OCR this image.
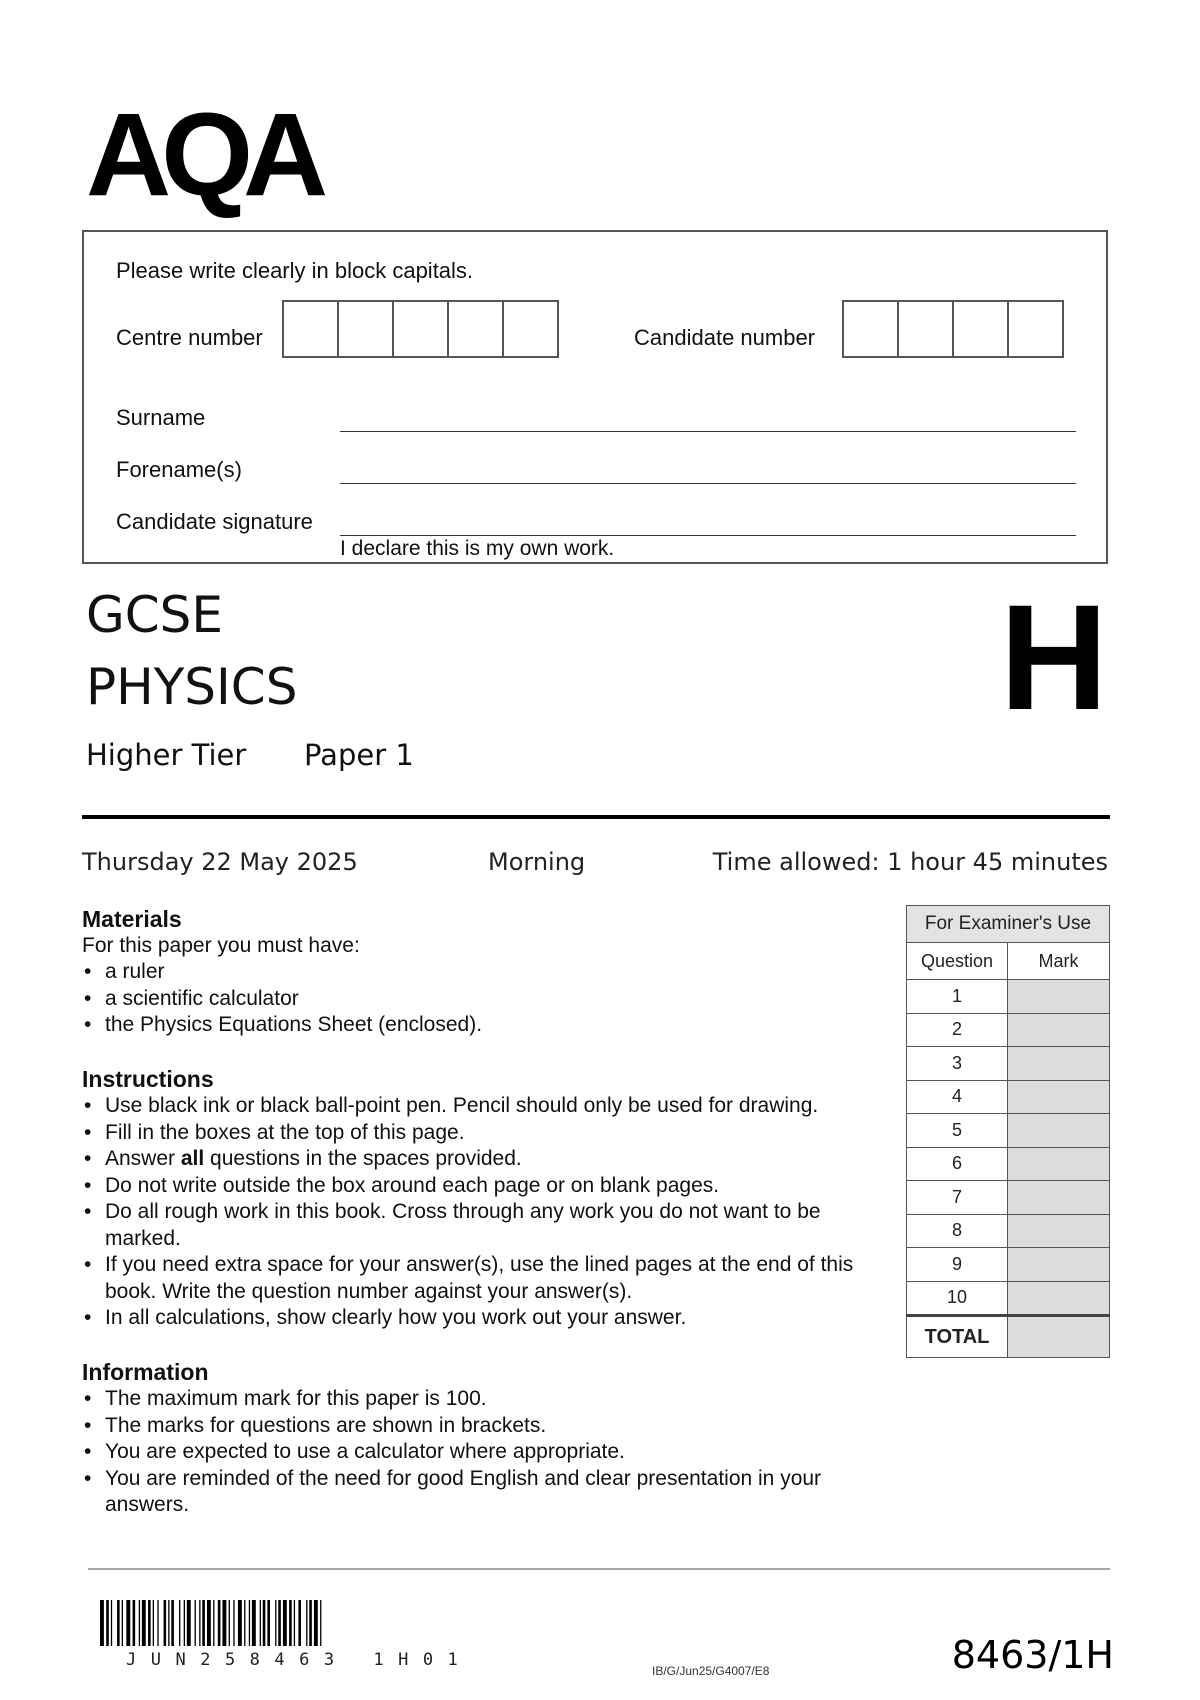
AQA
Please write clearly in block capitals.
Centre number	Candidate number
Surname
Forename(s)
Candidate signature
I declare this is my own work.
GCSE
PHYSICS
Higher Tier Paper 1
H
Thursday 22 May 2025	Morning	Time allowed: 1 hour 45 minutes
Materials
For this paper you must have:
• a ruler
• a scientific calculator
• the Physics Equations Sheet (enclosed).
Instructions
• Use black ink or black ball-point pen. Pencil should only be used for drawing.
• Fill in the boxes at the top of this page.
• Answer all questions in the spaces provided.
• Do not write outside the box around each page or on blank pages.
• Do all rough work in this book. Cross through any work you do not want to be marked.
• If you need extra space for your answer(s), use the lined pages at the end of this book. Write the question number against your answer(s).
• In all calculations, show clearly how you work out your answer.
Information
• The maximum mark for this paper is 100.
• The marks for questions are shown in brackets.
• You are expected to use a calculator where appropriate.
• You are reminded of the need for good English and clear presentation in your answers.
For Examiner's Use	
Question	Mark
1	
2	
3	
4	
5	
6	
7	
8	
9	
10	
TOTAL	
JUN258463 1H01
IB/G/Jun25/G4007/E8	8463/1H
